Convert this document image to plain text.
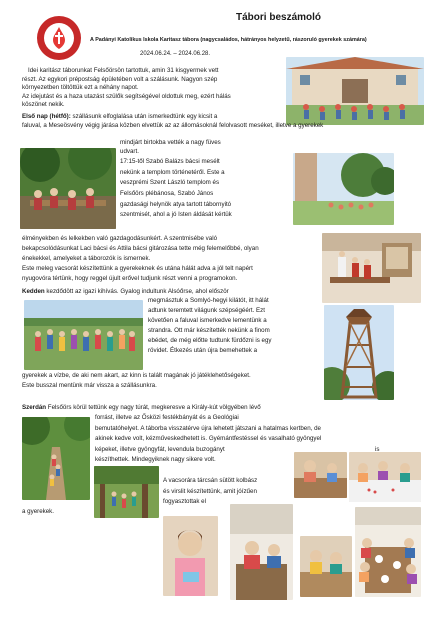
Tábori beszámoló
A Padányi Katolikus Iskola Karitasz tábora (nagycsaládos, hátrányos helyzetű, rászoruló gyerekek számára)
2024.06.24. – 2024.06.28.
Idei karitász táborunkat Felsőörsön tartottuk, amin 31 kisgyermek vett
részt. Az egykori prépostság épületében volt a szálásunk. Nagyon szép
környezetben töltöttük ezt a néhány napot.
Az idejutást és a haza utazást szülők segítségével oldottuk meg, ezért hálás
köszönet nekik.
Első nap (hétfő): szállásunk elfoglalása után ismerkedtünk egy kicsit a
faluval, a Meseösvény végig járása közben elvettük az az állomásoknál felolvasott meséket, illetve a gyerekek
mindjárt birtokba vették a nagy füves
udvart.
17:15-től Szabó Balázs bácsi mesélt
nekünk a templom történetéről. Este a
veszprémi Szent László templom és
Felsőörs plébánosa, Szabó János
gazdasági helynök atya tartott tábornyitó
szentmisét, ahol a jó Isten áldását kértük
élményekben és lelkekben való gazdagodásunkért. A szentmisébe való
bekapcsolódásunkat Laci bácsi és Attila bácsi gitározása tette még felemelőbbé, olyan
énekekkel, amelyeket a táborozók is ismernek.
Este meleg vacsorát készítettünk a gyerekeknek és utána hálát adva a jól telt napért
nyugovóra tértünk, hogy reggel újult erővel tudjunk részt venni a programokon.
Kedden kezdődött az igazi kihívás. Gyalog indultunk Alsóőrse, ahol először
megmásztuk a Somlyó-hegyi kilátót, itt hálát
adtunk teremtett világunk szépségéért. Ezt
követően a faluval ismerkedve lementünk a
strandra. Ott már készítették nekünk a finom
ebédet, de még előtte tudtunk fürdőzni is egy
rövidet. Étkezés után újra bemehettek a
gyerekek a vízbe, de aki nem akart, az kinn is talált magának jó játéklehetőségeket.
Este busszal mentünk már vissza a szállásunkra.
Szerdán Felsőörs körül tettünk egy nagy túrát, megkeresve a Király-kút völgyében lévő
forrást, illetve az Ősközi festékbányát és a Geológiai
bemutatóhelyet. A táborba visszatérve újra lehetett játszani a hatalmas kertben, de
akinek kedve volt, kézműveskedhetett is. Gyémántfestéssel és vasalható gyöngyel
képeket, illetve gyöngyfát, levendula buzogányt
készíthettek. Mindegyiknek nagy sikere volt.
is
A vacsorára tárcsán sütött kolbász
és virslit készítettünk, amit jóízűen
fogyasztottak el
a gyerekek.
